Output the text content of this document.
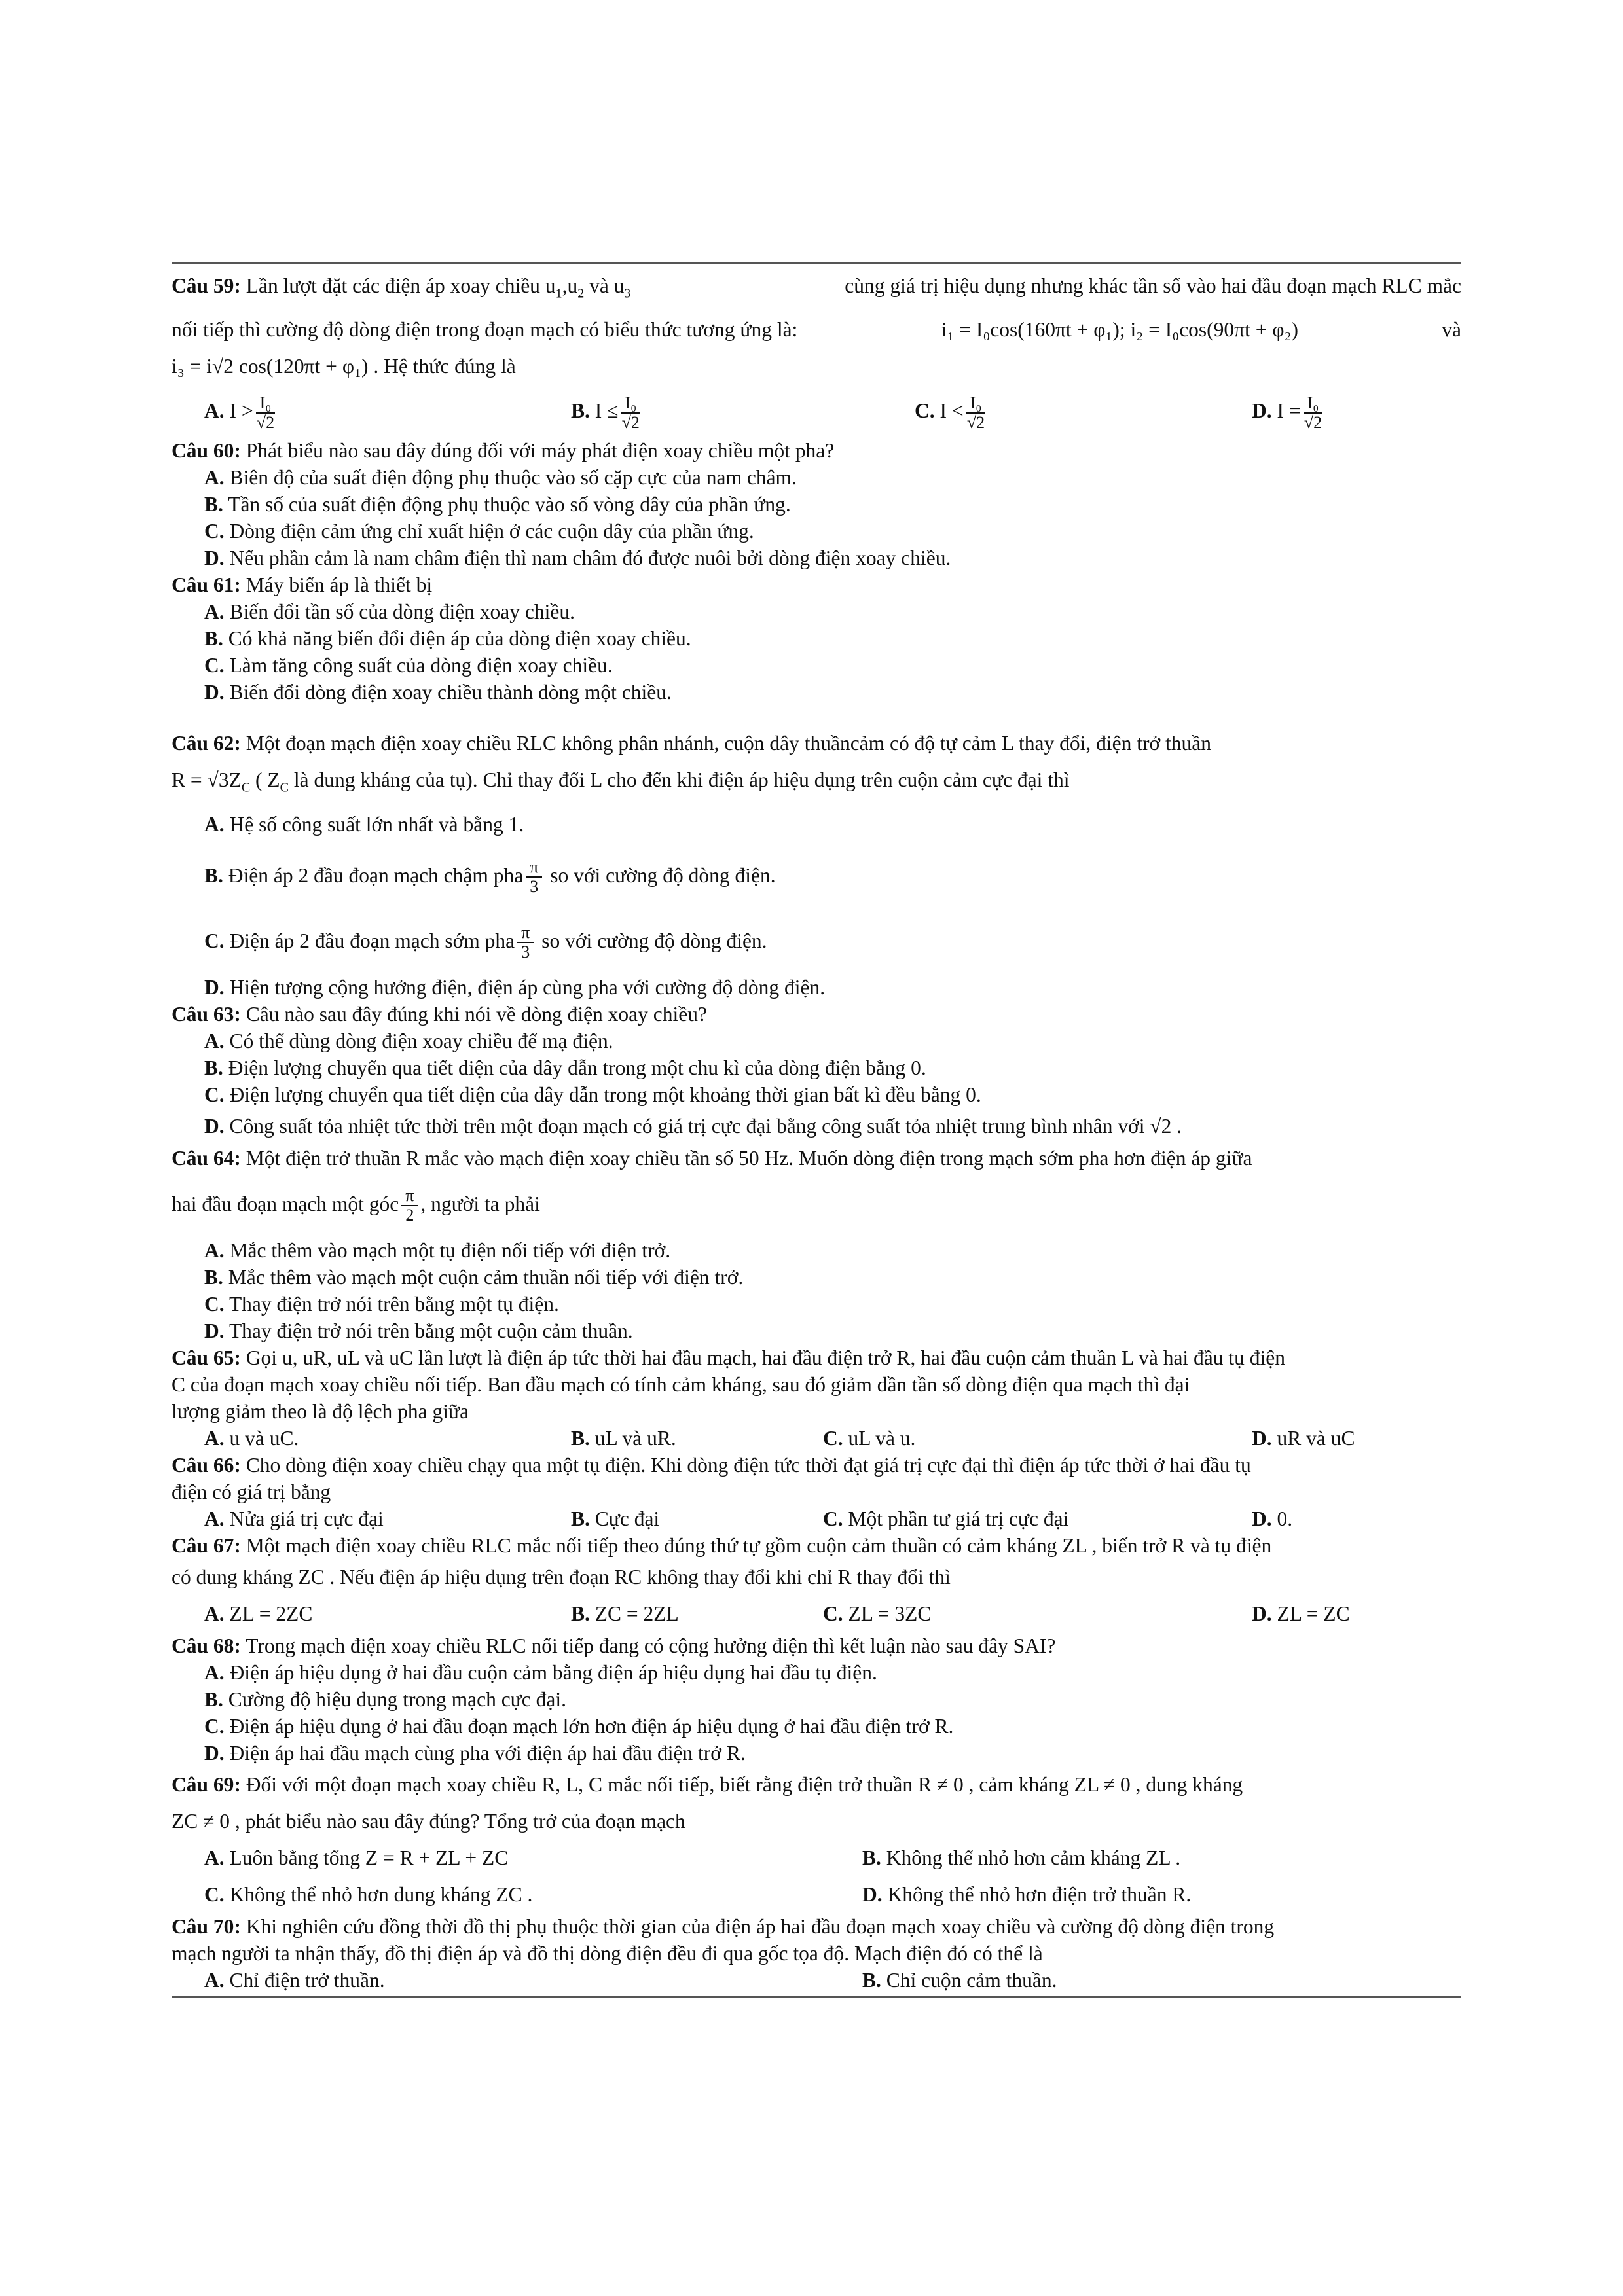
Câu 59: Lần lượt đặt các điện áp xoay chiều $u_1,u_2$ và $u_3$	cùng giá trị hiệu dụng nhưng khác tần số vào hai đầu đoạn mạch RLC mắc
nối tiếp thì cường độ dòng điện trong đoạn mạch có biểu thức tương ứng là:	i₁ = I₀cos(160πt + φ₁); i₂ = I₀cos(90πt + φ₂)	và
i₃ = i√2 cos(120πt + φ₁) . Hệ thức đúng là
A. $I > \frac{\text{I₀}}{√2}$	B. $I \le \frac{\text{I₀}}{√2}$	C. $I < \frac{\text{I₀}}{√2}$	D. $I = \frac{\text{I₀}}{√2}$
Câu 60: Phát biểu nào sau đây đúng đối với máy phát điện xoay chiều một pha?
A. Biên độ của suất điện động phụ thuộc vào số cặp cực của nam châm.
B. Tần số của suất điện động phụ thuộc vào số vòng dây của phần ứng.
C. Dòng điện cảm ứng chỉ xuất hiện ở các cuộn dây của phần ứng.
D. Nếu phần cảm là nam châm điện thì nam châm đó được nuôi bởi dòng điện xoay chiều.
Câu 61: Máy biến áp là thiết bị
A. Biến đổi tần số của dòng điện xoay chiều.
B. Có khả năng biến đổi điện áp của dòng điện xoay chiều.
C. Làm tăng công suất của dòng điện xoay chiều.
D. Biến đổi dòng điện xoay chiều thành dòng một chiều.
Câu 62: Một đoạn mạch điện xoay chiều RLC không phân nhánh, cuộn dây thuầncảm có độ tự cảm L thay đổi, điện trở thuần
$R = √3Z_C$ ( $Z_C$ là dung kháng của tụ). Chỉ thay đổi L cho đến khi điện áp hiệu dụng trên cuộn cảm cực đại thì
A. Hệ số công suất lớn nhất và bằng 1.
B. Điện áp 2 đầu đoạn mạch chậm pha $\frac{\pi}{3}$ so với cường độ dòng điện.
C. Điện áp 2 đầu đoạn mạch sớm pha $\frac{\pi}{3}$ so với cường độ dòng điện.
D. Hiện tượng cộng hưởng điện, điện áp cùng pha với cường độ dòng điện.
Câu 63: Câu nào sau đây đúng khi nói về dòng điện xoay chiều?
A. Có thể dùng dòng điện xoay chiều để mạ điện.
B. Điện lượng chuyển qua tiết diện của dây dẫn trong một chu kì của dòng điện bằng 0.
C. Điện lượng chuyển qua tiết diện của dây dẫn trong một khoảng thời gian bất kì đều bằng 0.
D. Công suất tỏa nhiệt tức thời trên một đoạn mạch có giá trị cực đại bằng công suất tỏa nhiệt trung bình nhân với √2 .
Câu 64: Một điện trở thuần R mắc vào mạch điện xoay chiều tần số 50 Hz. Muốn dòng điện trong mạch sớm pha hơn điện áp giữa
hai đầu đoạn mạch một góc $\frac{\pi}{2}$ , người ta phải
A. Mắc thêm vào mạch một tụ điện nối tiếp với điện trở.
B. Mắc thêm vào mạch một cuộn cảm thuần nối tiếp với điện trở.
C. Thay điện trở nói trên bằng một tụ điện.
D. Thay điện trở nói trên bằng một cuộn cảm thuần.
Câu 65: Gọi u, uR, uL và uC lần lượt là điện áp tức thời hai đầu mạch, hai đầu điện trở R, hai đầu cuộn cảm thuần L và hai đầu tụ điện
C của đoạn mạch xoay chiều nối tiếp. Ban đầu mạch có tính cảm kháng, sau đó giảm dần tần số dòng điện qua mạch thì đại
lượng giảm theo là độ lệch pha giữa
A. u và uC.	B. uL và uR.	C. uL và u.	D. uR và uC
Câu 66: Cho dòng điện xoay chiều chạy qua một tụ điện. Khi dòng điện tức thời đạt giá trị cực đại thì điện áp tức thời ở hai đầu tụ
điện có giá trị bằng
A. Nửa giá trị cực đại	B. Cực đại	C. Một phần tư giá trị cực đại	D. 0.
Câu 67: Một mạch điện xoay chiều RLC mắc nối tiếp theo đúng thứ tự gồm cuộn cảm thuần có cảm kháng ZL , biến trở R và tụ điện
có dung kháng ZC . Nếu điện áp hiệu dụng trên đoạn RC không thay đổi khi chỉ R thay đổi thì
A. ZL = 2ZC	B. ZC = 2ZL	C. ZL = 3ZC	D. ZL = ZC
Câu 68: Trong mạch điện xoay chiều RLC nối tiếp đang có cộng hưởng điện thì kết luận nào sau đây SAI?
A. Điện áp hiệu dụng ở hai đầu cuộn cảm bằng điện áp hiệu dụng hai đầu tụ điện.
B. Cường độ hiệu dụng trong mạch cực đại.
C. Điện áp hiệu dụng ở hai đầu đoạn mạch lớn hơn điện áp hiệu dụng ở hai đầu điện trở R.
D. Điện áp hai đầu mạch cùng pha với điện áp hai đầu điện trở R.
Câu 69: Đối với một đoạn mạch xoay chiều R, L, C mắc nối tiếp, biết rằng điện trở thuần R ≠ 0 , cảm kháng ZL ≠ 0 , dung kháng
ZC ≠ 0 , phát biểu nào sau đây đúng? Tổng trở của đoạn mạch
A. Luôn bằng tổng Z = R + ZL + ZC	B. Không thể nhỏ hơn cảm kháng ZL .
C. Không thể nhỏ hơn dung kháng ZC .	D. Không thể nhỏ hơn điện trở thuần R.
Câu 70: Khi nghiên cứu đồng thời đồ thị phụ thuộc thời gian của điện áp hai đầu đoạn mạch xoay chiều và cường độ dòng điện trong
mạch người ta nhận thấy, đồ thị điện áp và đồ thị dòng điện đều đi qua gốc tọa độ. Mạch điện đó có thể là
A. Chỉ điện trở thuần.	B. Chỉ cuộn cảm thuần.
